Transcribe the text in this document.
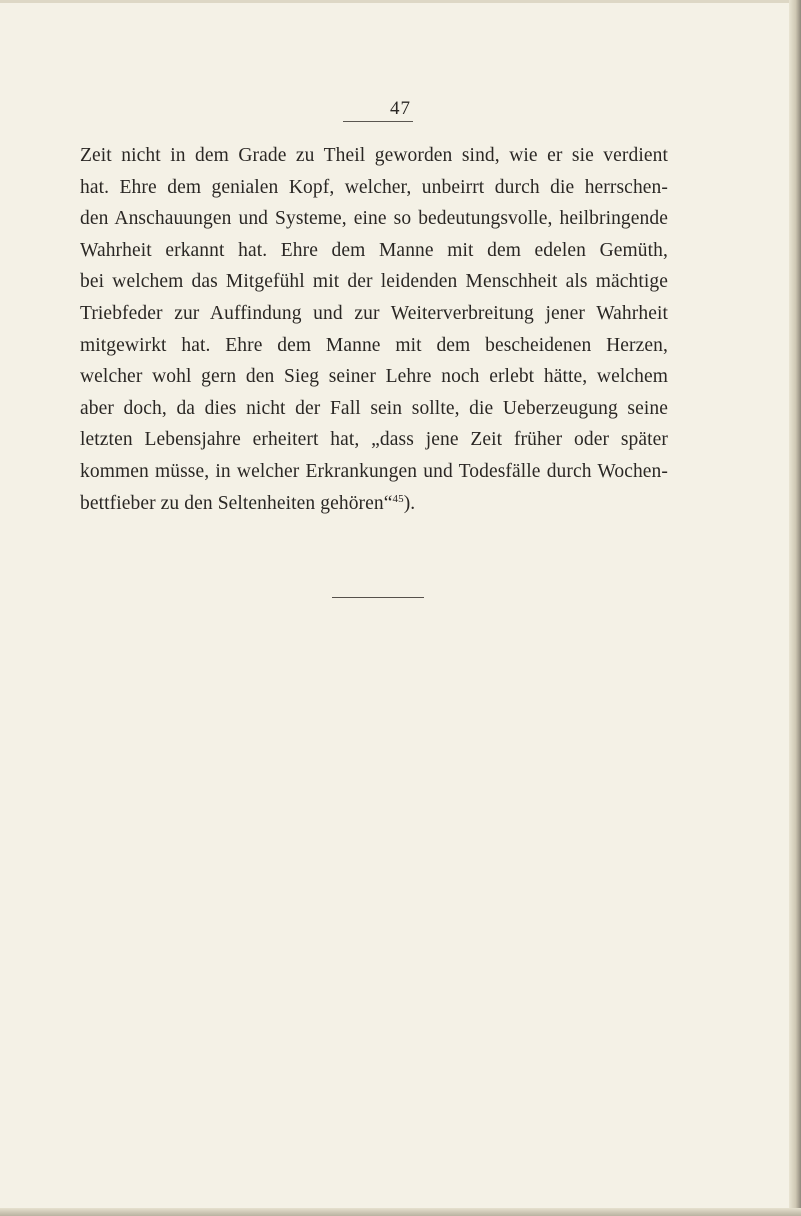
47
Zeit nicht in dem Grade zu Theil geworden sind, wie er sie verdient
hat. Ehre dem genialen Kopf, welcher, unbeirrt durch die herrschen-
den Anschauungen und Systeme, eine so bedeutungsvolle, heilbringende
Wahrheit erkannt hat. Ehre dem Manne mit dem edelen Gemüth,
bei welchem das Mitgefühl mit der leidenden Menschheit als mächtige
Triebfeder zur Auffindung und zur Weiterverbreitung jener Wahrheit
mitgewirkt hat. Ehre dem Manne mit dem bescheidenen Herzen,
welcher wohl gern den Sieg seiner Lehre noch erlebt hätte, welchem
aber doch, da dies nicht der Fall sein sollte, die Ueberzeugung seine
letzten Lebensjahre erheitert hat, „dass jene Zeit früher oder später
kommen müsse, in welcher Erkrankungen und Todesfälle durch Wochen-
bettfieber zu den Seltenheiten gehören“$^{45}$).
